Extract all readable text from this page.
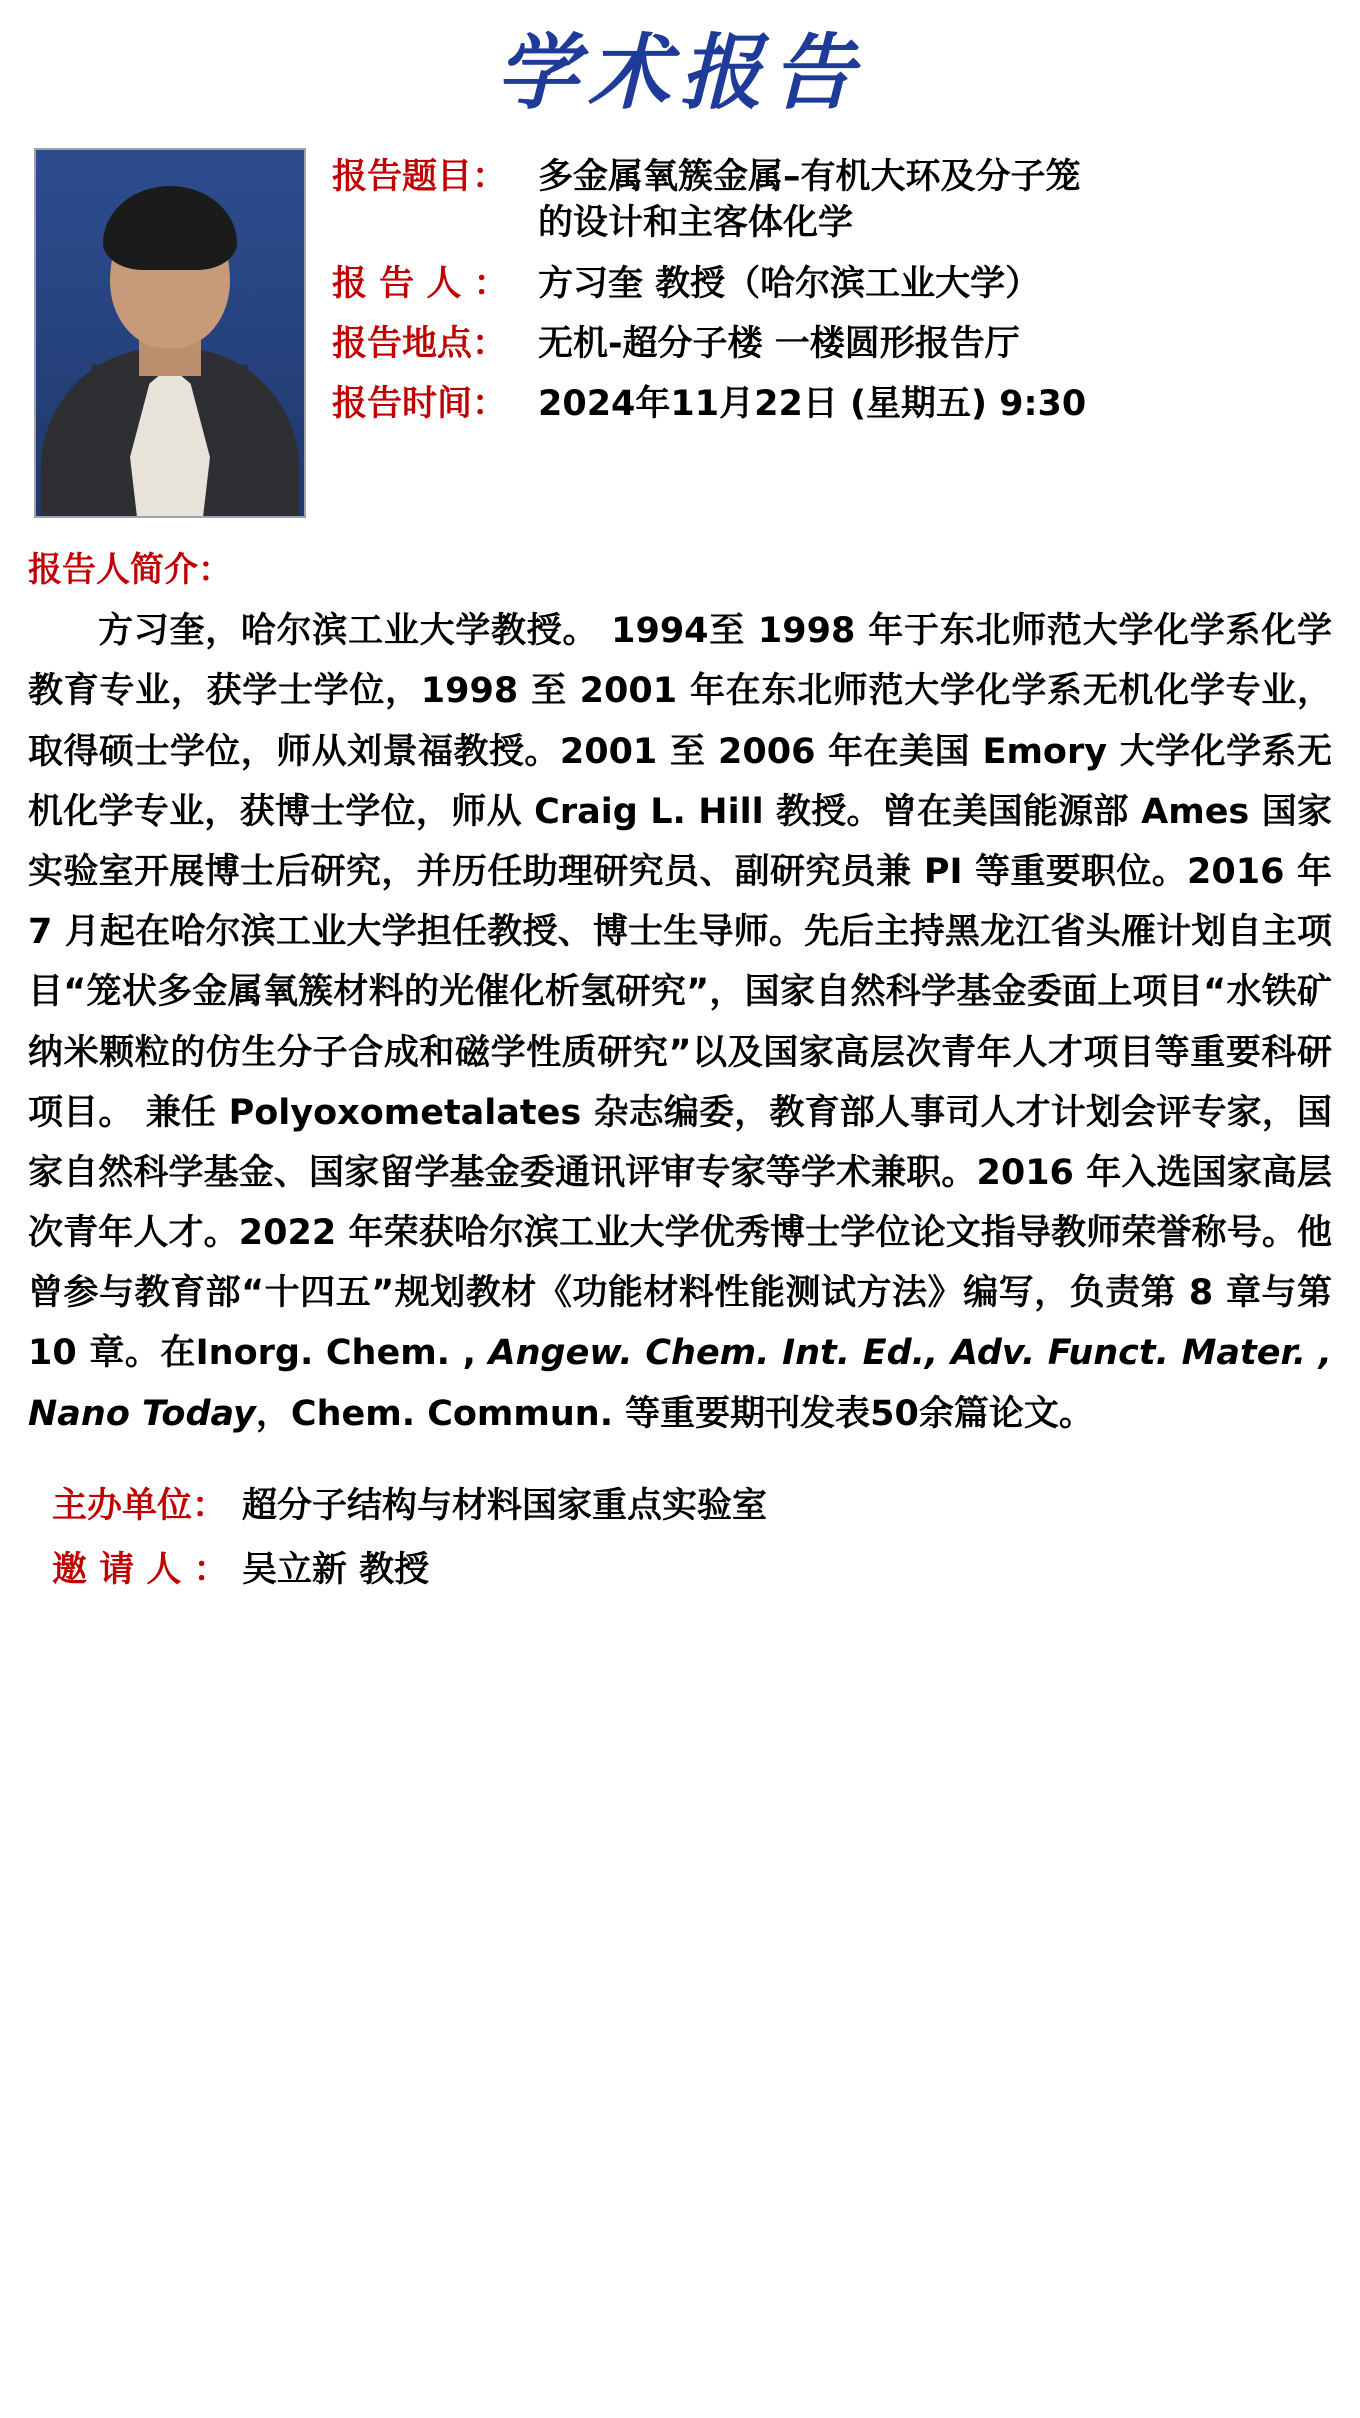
学术报告
报告题目： 多金属氧簇金属–有机大环及分子笼
的设计和主客体化学
报 告 人 ： 方习奎 教授（哈尔滨工业大学）
报告地点： 无机-超分子楼 一楼圆形报告厅
报告时间： 2024年11月22日 (星期五) 9:30
报告人简介：
方习奎，哈尔滨工业大学教授。 1994至 1998 年于东北师范大学化学系化学教育专业，获学士学位，1998 至 2001 年在东北师范大学化学系无机化学专业，取得硕士学位，师从刘景福教授。2001 至 2006 年在美国 Emory 大学化学系无机化学专业，获博士学位，师从 Craig L. Hill 教授。曾在美国能源部 Ames 国家实验室开展博士后研究，并历任助理研究员、副研究员兼 PI 等重要职位。2016 年 7 月起在哈尔滨工业大学担任教授、博士生导师。先后主持黑龙江省头雁计划自主项目“笼状多金属氧簇材料的光催化析氢研究”，国家自然科学基金委面上项目“水铁矿纳米颗粒的仿生分子合成和磁学性质研究”以及国家高层次青年人才项目等重要科研项目。 兼任 Polyoxometalates 杂志编委，教育部人事司人才计划会评专家，国家自然科学基金、国家留学基金委通讯评审专家等学术兼职。2016 年入选国家高层次青年人才。2022 年荣获哈尔滨工业大学优秀博士学位论文指导教师荣誉称号。他曾参与教育部“十四五”规划教材《功能材料性能测试方法》编写，负责第 8 章与第 10 章。在Inorg. Chem. , Angew. Chem. Int. Ed., Adv. Funct. Mater. , Nano Today，Chem. Commun. 等重要期刊发表50余篇论文。
主办单位： 超分子结构与材料国家重点实验室
邀 请 人 ： 吴立新 教授
